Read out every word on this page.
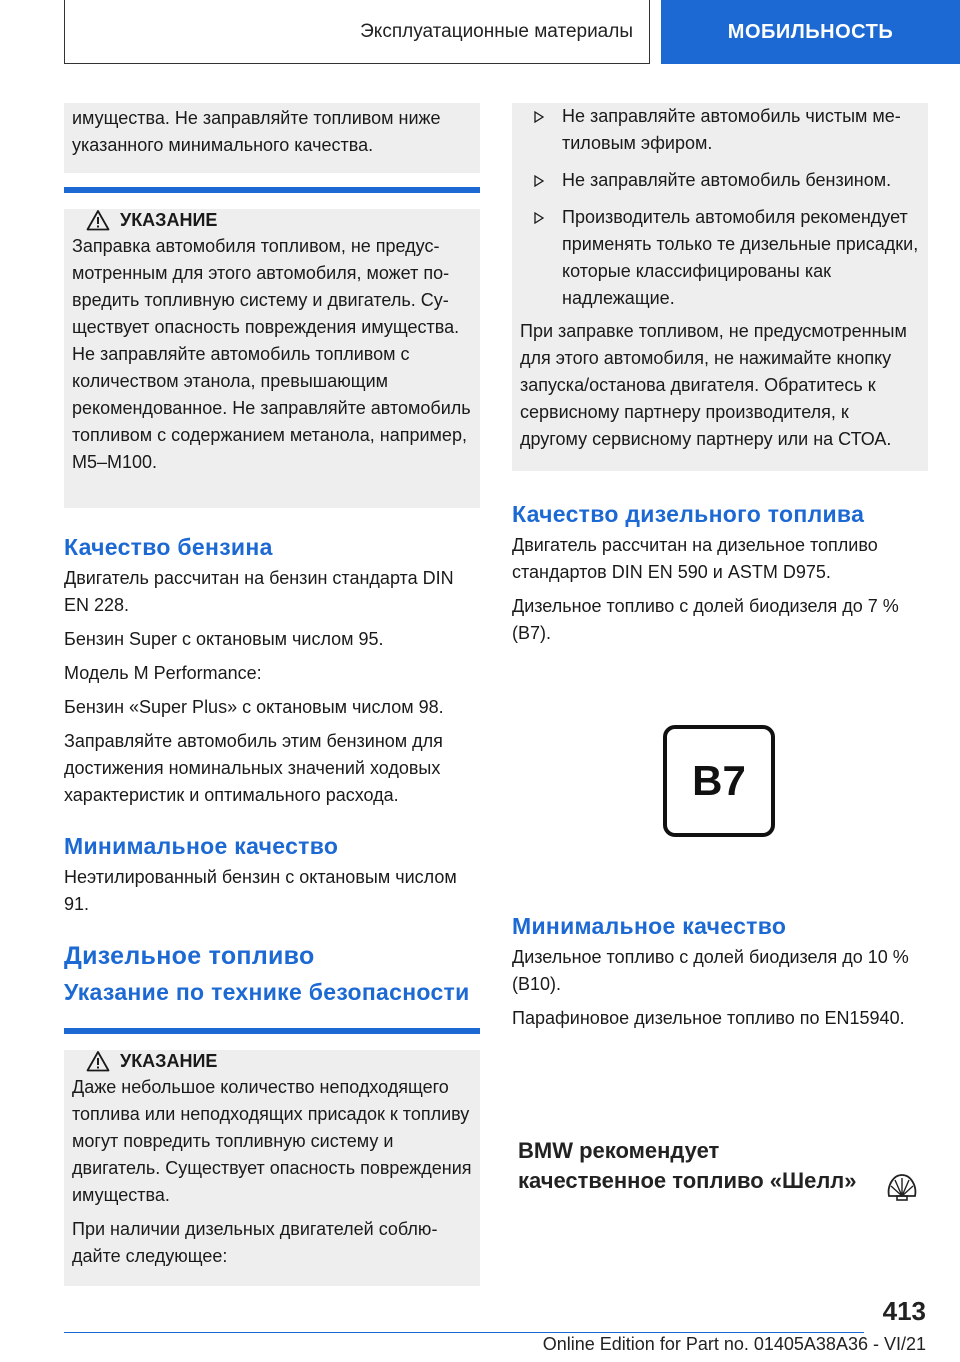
Эксплуатационные материалы	МОБИЛЬНОСТЬ

имущества. Не заправляйте топливом ниже указанного минимального качества.

УКАЗАНИЕ

Заправка автомобиля топливом, не предусмотренным для этого автомобиля, может повредить топливную систему и двигатель. Существует опасность повреждения имущества. Не заправляйте автомобиль топливом с количеством этанола, превышающим рекомендованное. Не заправляйте автомобиль топливом с содержанием метанола, например, M5–M100.

Качество бензина

Двигатель рассчитан на бензин стандарта DIN EN 228.

Бензин Super с октановым числом 95.

Модель M Performance:

Бензин «Super Plus» с октановым числом 98.

Заправляйте автомобиль этим бензином для достижения номинальных значений ходовых характеристик и оптимального расхода.

Минимальное качество

Неэтилированный бензин с октановым числом 91.

Дизельное топливо
Указание по технике безопасности
УКАЗАНИЕ

Даже небольшое количество неподходящего топлива или неподходящих присадок к топливу могут повредить топливную систему и двигатель. Существует опасность повреждения имущества.

При наличии дизельных двигателей соблюдайте следующее:

Не заправляйте автомобиль чистым метиловым эфиром.
Не заправляйте автомобиль бензином.
Производитель автомобиля рекомендует применять только те дизельные присадки, которые классифицированы как надлежащие.

При заправке топливом, не предусмотренным для этого автомобиля, не нажимайте кнопку запуска/останова двигателя. Обратитесь к сервисному партнеру производителя, к другому сервисному партнеру или на СТОА.

Качество дизельного топлива

Двигатель рассчитан на дизельное топливо стандартов DIN EN 590 и ASTM D975.

Дизельное топливо с долей биодизеля до 7 % (B7).

B7
Минимальное качество

Дизельное топливо с долей биодизеля до 10 % (B10).

Парафиновое дизельное топливо по EN15940.

BMW рекомендует
качественное топливо «Шелл»
413
Online Edition for Part no. 01405A38A36 - VI/21
